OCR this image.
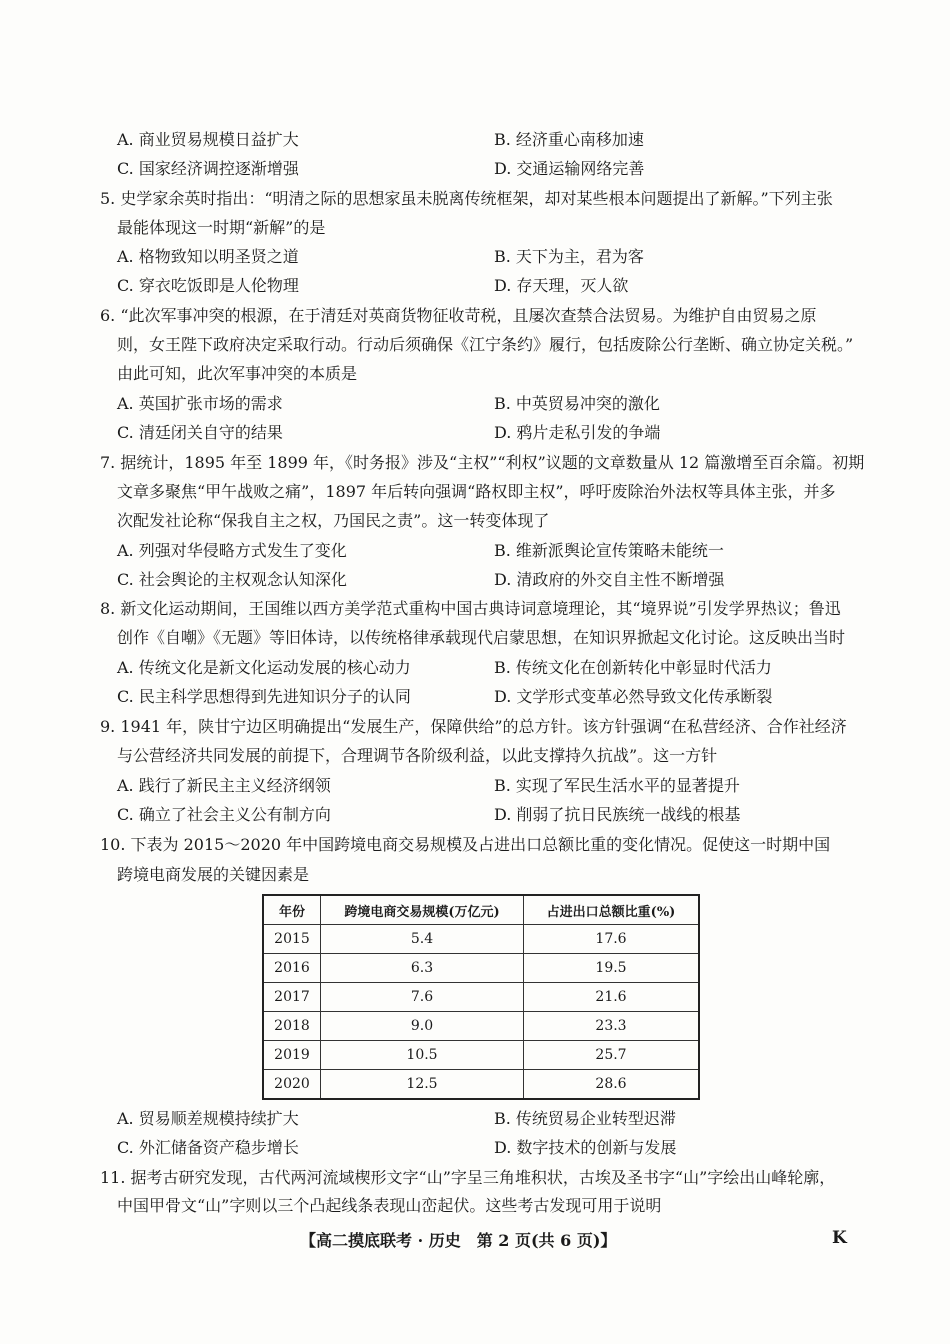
A. 商业贸易规模日益扩大	B. 经济重心南移加速
C. 国家经济调控逐渐增强	D. 交通运输网络完善
5. 史学家余英时指出：“明清之际的思想家虽未脱离传统框架，却对某些根本问题提出了新解。”下列主张
最能体现这一时期“新解”的是
A. 格物致知以明圣贤之道	B. 天下为主，君为客
C. 穿衣吃饭即是人伦物理	D. 存天理，灭人欲
6. “此次军事冲突的根源，在于清廷对英商货物征收苛税，且屡次查禁合法贸易。为维护自由贸易之原
则，女王陛下政府决定采取行动。行动后须确保《江宁条约》履行，包括废除公行垄断、确立协定关税。”
由此可知，此次军事冲突的本质是
A. 英国扩张市场的需求	B. 中英贸易冲突的激化
C. 清廷闭关自守的结果	D. 鸦片走私引发的争端
7. 据统计，1895 年至 1899 年，《时务报》涉及“主权”“利权”议题的文章数量从 12 篇激增至百余篇。初期
文章多聚焦“甲午战败之痛”，1897 年后转向强调“路权即主权”，呼吁废除治外法权等具体主张，并多
次配发社论称“保我自主之权，乃国民之责”。这一转变体现了
A. 列强对华侵略方式发生了变化	B. 维新派舆论宣传策略未能统一
C. 社会舆论的主权观念认知深化	D. 清政府的外交自主性不断增强
8. 新文化运动期间，王国维以西方美学范式重构中国古典诗词意境理论，其“境界说”引发学界热议；鲁迅
创作《自嘲》《无题》等旧体诗，以传统格律承载现代启蒙思想，在知识界掀起文化讨论。这反映出当时
A. 传统文化是新文化运动发展的核心动力	B. 传统文化在创新转化中彰显时代活力
C. 民主科学思想得到先进知识分子的认同	D. 文学形式变革必然导致文化传承断裂
9. 1941 年，陕甘宁边区明确提出“发展生产，保障供给”的总方针。该方针强调“在私营经济、合作社经济
与公营经济共同发展的前提下，合理调节各阶级利益，以此支撑持久抗战”。这一方针
A. 践行了新民主主义经济纲领	B. 实现了军民生活水平的显著提升
C. 确立了社会主义公有制方向	D. 削弱了抗日民族统一战线的根基
10. 下表为 2015～2020 年中国跨境电商交易规模及占进出口总额比重的变化情况。促使这一时期中国
跨境电商发展的关键因素是
年份	跨境电商交易规模(万亿元)	占进出口总额比重(%)
2015	5.4	17.6
2016	6.3	19.5
2017	7.6	21.6
2018	9.0	23.3
2019	10.5	25.7
2020	12.5	28.6
A. 贸易顺差规模持续扩大	B. 传统贸易企业转型迟滞
C. 外汇储备资产稳步增长	D. 数字技术的创新与发展
11. 据考古研究发现，古代两河流域楔形文字“山”字呈三角堆积状，古埃及圣书字“山”字绘出山峰轮廓，
中国甲骨文“山”字则以三个凸起线条表现山峦起伏。这些考古发现可用于说明
【高二摸底联考 · 历史　第 2 页(共 6 页)】	K
